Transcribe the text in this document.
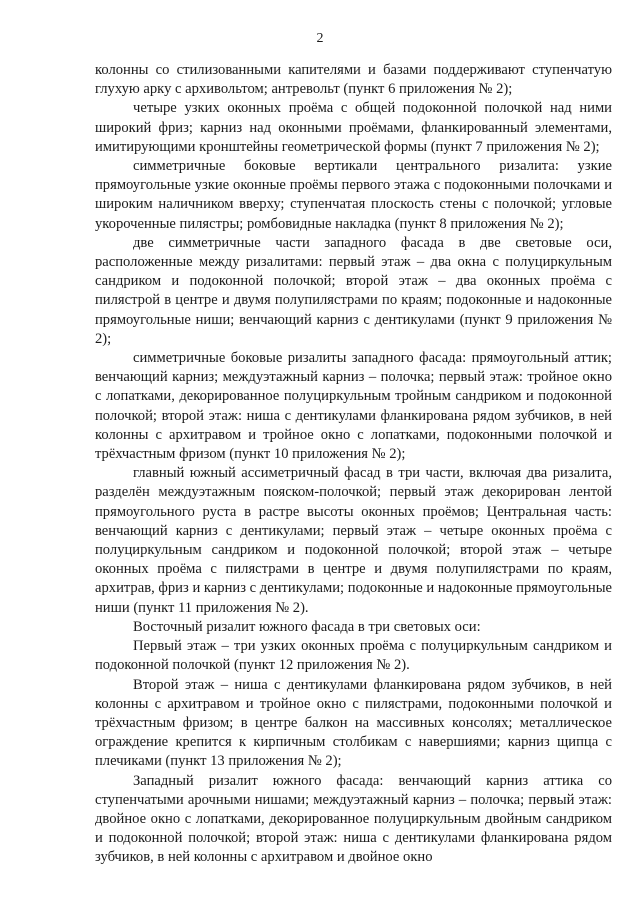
2

колонны со стилизованными капителями и базами поддерживают ступенчатую глухую арку с архивольтом; антревольт (пункт 6 приложения № 2);

четыре узких оконных проёма с общей подоконной полочкой над ними широкий фриз; карниз над оконными проёмами, фланкированный элементами, имитирующими кронштейны геометрической формы (пункт 7 приложения № 2);

симметричные боковые вертикали центрального ризалита: узкие прямоугольные узкие оконные проёмы первого этажа с подоконными полочками и широким наличником вверху; ступенчатая плоскость стены с полочкой; угловые укороченные пилястры; ромбовидные накладка (пункт 8 приложения № 2);

две симметричные части западного фасада в две световые оси, расположенные между ризалитами: первый этаж – два окна с полуциркульным сандриком и подоконной полочкой; второй этаж – два оконных проёма с пилястрой в центре и двумя полупилястрами по краям; подоконные и надоконные прямоугольные ниши; венчающий карниз с дентикулами (пункт 9 приложения № 2);

симметричные боковые ризалиты западного фасада: прямоугольный аттик; венчающий карниз; междуэтажный карниз – полочка; первый этаж: тройное окно с лопатками, декорированное полуциркульным тройным сандриком и подоконной полочкой; второй этаж: ниша с дентикулами фланкирована рядом зубчиков, в ней колонны с архитравом и тройное окно с лопатками, подоконными полочкой и трёхчастным фризом (пункт 10 приложения № 2);

главный южный ассиметричный фасад в три части, включая два ризалита, разделён междуэтажным пояском-полочкой; первый этаж декорирован лентой прямоугольного руста в растре высоты оконных проёмов; Центральная часть: венчающий карниз с дентикулами; первый этаж – четыре оконных проёма с полуциркульным сандриком и подоконной полочкой; второй этаж – четыре оконных проёма с пилястрами в центре и двумя полупилястрами по краям, архитрав, фриз и карниз с дентикулами; подоконные и надоконные прямоугольные ниши (пункт 11 приложения № 2).

Восточный ризалит южного фасада в три световых оси:

Первый этаж – три узких оконных проёма с полуциркульным сандриком и подоконной полочкой (пункт 12 приложения № 2).

Второй этаж – ниша с дентикулами фланкирована рядом зубчиков, в ней колонны с архитравом и тройное окно с пилястрами, подоконными полочкой и трёхчастным фризом; в центре балкон на массивных консолях; металлическое ограждение крепится к кирпичным столбикам с навершиями; карниз щипца с плечиками (пункт 13 приложения № 2);

Западный ризалит южного фасада: венчающий карниз аттика со ступенчатыми арочными нишами; междуэтажный карниз – полочка; первый этаж: двойное окно с лопатками, декорированное полуциркульным двойным сандриком и подоконной полочкой; второй этаж: ниша с дентикулами фланкирована рядом зубчиков, в ней колонны с архитравом и двойное окно
